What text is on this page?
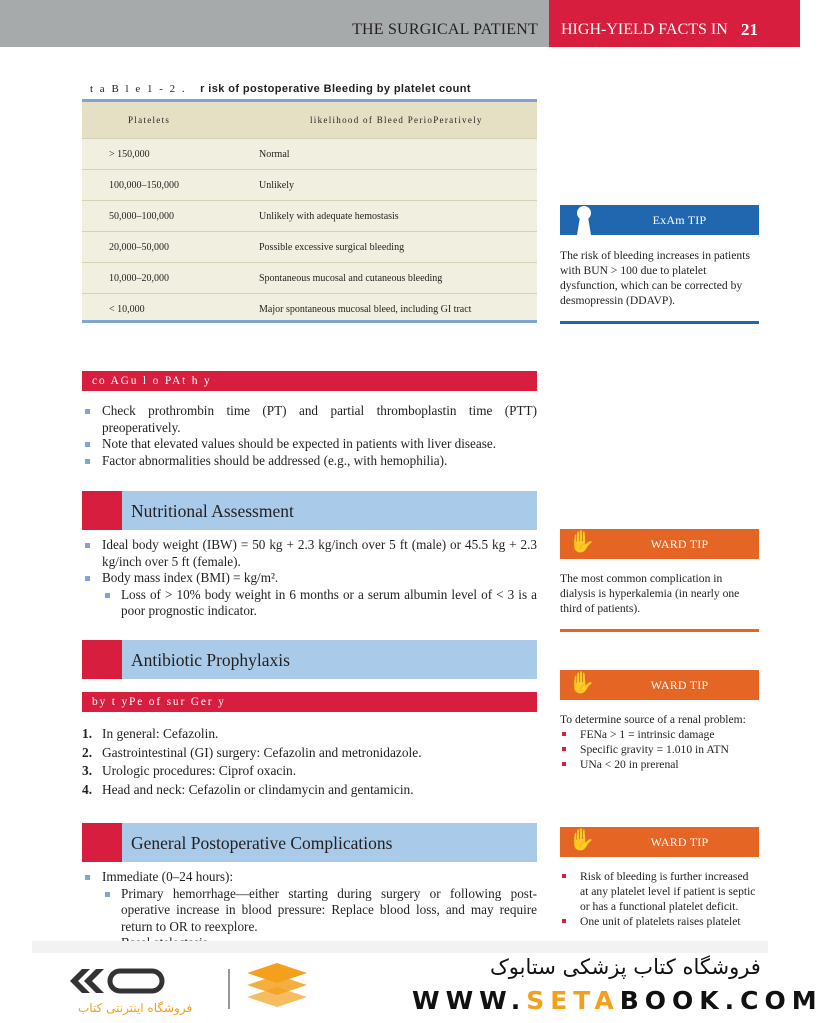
THE SURGICAL PATIENT HIGH-YIELD FACTS IN 21
t a B l e 1 - 2 . r isk of postoperative Bleeding by platelet count
Platelets	likelihood of Bleed PerioPeratively
> 150,000	Normal
100,000–150,000	Unlikely
50,000–100,000	Unlikely with adequate hemostasis
20,000–50,000	Possible excessive surgical bleeding
10,000–20,000	Spontaneous mucosal and cutaneous bleeding
< 10,000	Major spontaneous mucosal bleed, including GI tract
co AGu l o PAt h y
Check prothrombin time (PT) and partial thromboplastin time (PTT) preoperatively.
Note that elevated values should be expected in patients with liver disease.
Factor abnormalities should be addressed (e.g., with hemophilia).
Nutritional Assessment
Ideal body weight (IBW) = 50 kg + 2.3 kg/inch over 5 ft (male) or 45.5 kg + 2.3 kg/inch over 5 ft (female).
Body mass index (BMI) = kg/m².
Loss of > 10% body weight in 6 months or a serum albumin level of < 3 is a poor prognostic indicator.
Antibiotic Prophylaxis
by t yPe of sur Ger y
1. In general: Cefazolin.
2. Gastrointestinal (GI) surgery: Cefazolin and metronidazole.
3. Urologic procedures: Ciprof oxacin.
4. Head and neck: Cefazolin or clindamycin and gentamicin.
General Postoperative Complications
Immediate (0–24 hours):
Primary hemorrhage—either starting during surgery or following post-operative increase in blood pressure: Replace blood loss, and may require return to OR to reexplore.
ExAm TIP
The risk of bleeding increases in patients with BUN > 100 due to platelet dysfunction, which can be corrected by desmopressin (DDAVP).
✋	WARD TIP
The most common complication in dialysis is hyperkalemia (in nearly one third of patients).
✋	WARD TIP
To determine source of a renal problem:
FENa > 1 = intrinsic damage
Specific gravity = 1.010 in ATN
UNa < 20 in prerenal
✋	WARD TIP
Risk of bleeding is further increased at any platelet level if patient is septic or has a functional platelet deficit.
One unit of platelets raises platelet
فروشگاه اینترنتی کتاب
فروشگاه کتاب پزشکی ستابوک
WWW.SETABOOK.COM
